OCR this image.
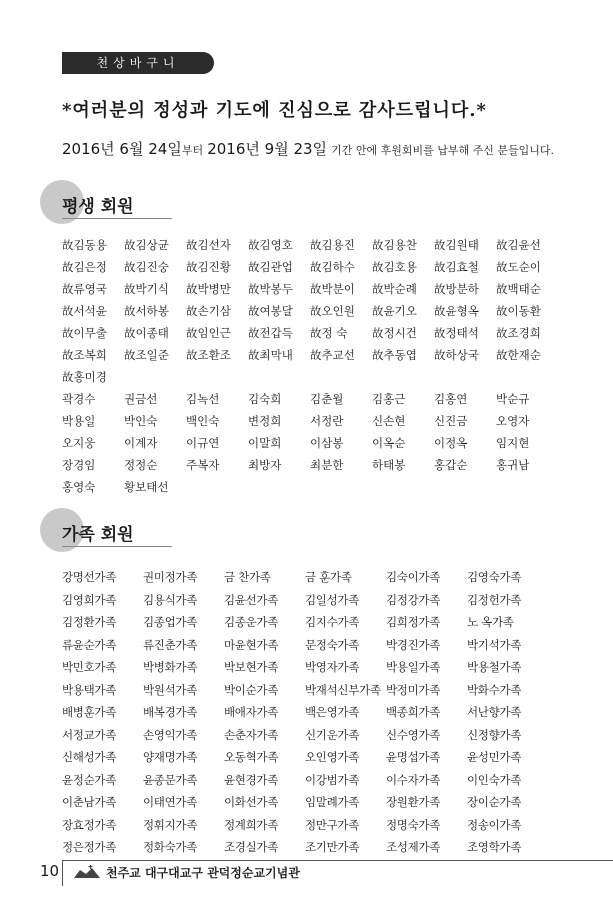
천상바구니
*여러분의 정성과 기도에 진심으로 감사드립니다.*
2016년 6월 24일부터 2016년 9월 23일 기간 안에 후원회비를 납부해 주신 분들입니다.
평생 회원
故김동용	故김상균	故김선자	故김영호	故김용진	故김용찬	故김원태	故김윤선
故김은정	故김진숭	故김진황	故김관업	故김하수	故김호용	故김효철	故도순이
故류영국	故박기식	故박병만	故박봉두	故박분이	故박순례	故방분하	故백태순
故서석윤	故서하봉	故손기삼	故여봉달	故오인원	故윤기오	故윤형옥	故이동환
故이무출	故이종태	故임인근	故전갑득	故정 숙	故정시건	故정태석	故조경희
故조복희	故조일준	故조환조	故최막내	故추교선	故추동엽	故하상국	故한재순
故홍미경
곽경수	권금선	김녹선	김숙희	김춘월	김홍근	김홍연	박순규
박용일	박인숙	백인숙	변정희	서정란	신손현	신진금	오영자
오지웅	이계자	이규연	이말희	이삼봉	이옥순	이정옥	임지현
장경임	정정순	주복자	최방자	최분한	하태봉	홍갑순	홍귀남
홍영숙	황보태선
가족 회원
강명선가족	권미정가족	금 찬가족	금 훈가족	김숙이가족	김영숙가족
김영희가족	김용식가족	김윤선가족	김일성가족	김정강가족	김정헌가족
김정환가족	김종업가족	김종운가족	김지수가족	김희정가족	노 옥가족
류윤순가족	류진춘가족	마윤현가족	문정숙가족	박경진가족	박기석가족
박민호가족	박병화가족	박보현가족	박영자가족	박용일가족	박용철가족
박용택가족	박원석가족	박이순가족	박재석신부가족 박정미가족	박화수가족
배병훈가족	배복경가족	배애자가족	백은영가족	백종희가족	서난향가족
서정교가족	손영익가족	손춘자가족	신기운가족	신수영가족	신정향가족
신해성가족	양재명가족	오동혁가족	오인영가족	윤명섭가족	윤성민가족
윤정순가족	윤종문가족	윤현경가족	이강범가족	이수자가족	이인숙가족
이춘남가족	이태연가족	이화선가족	임말례가족	장원환가족	장이순가족
장효정가족	정휘지가족	정계희가족	정만구가족	정명숙가족	정송이가족
정은정가족	정화숙가족	조경실가족	조기만가족	조성제가족	조영학가족
10	천주교 대구대교구 관덕정순교기념관
